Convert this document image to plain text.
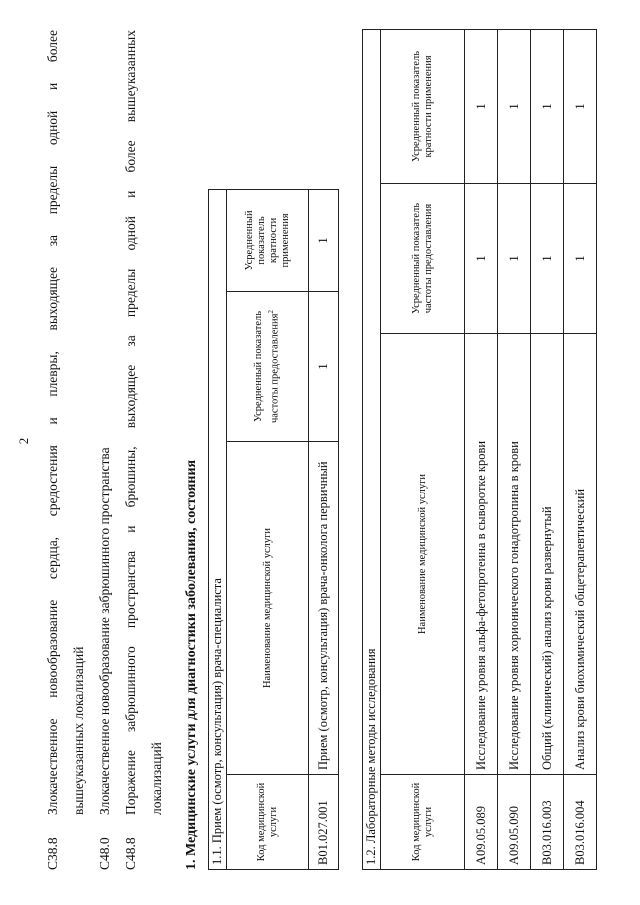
2
C38.8
Злокачественное новообразование сердца, средостения и плевры, выходящее за пределы одной и более вышеуказанных локализаций
C48.0
Злокачественное новообразование забрюшинного пространства
C48.8
Поражение забрюшинного пространства и брюшины, выходящее за пределы одной и более вышеуказанных локализаций	1. Медицинские услуги для диагностики заболевания, состояния 1.1. Прием (осмотр, консультация) врача-специалиста			
Код медицинской услуги	Наименование медицинской услуги	Усредненный показатель частоты предоставления$^2$	Усредненный показатель кратности применения
B01.027.001	Прием (осмотр, консультация) врача-онколога первичный	1	1
1.2. Лабораторные методы исследования			
Код медицинской услуги	Наименование медицинской услуги	Усредненный показатель частоты предоставления	Усредненный показатель кратности применения
A09.05.089	Исследование уровня альфа-фетопротеина в сыворотке крови	1	1
A09.05.090	Исследование уровня хорионического гонадотропина в крови	1	1
B03.016.003	Общий (клинический) анализ крови развернутый	1	1
B03.016.004	Анализ крови биохимический общетерапевтический	1	1
